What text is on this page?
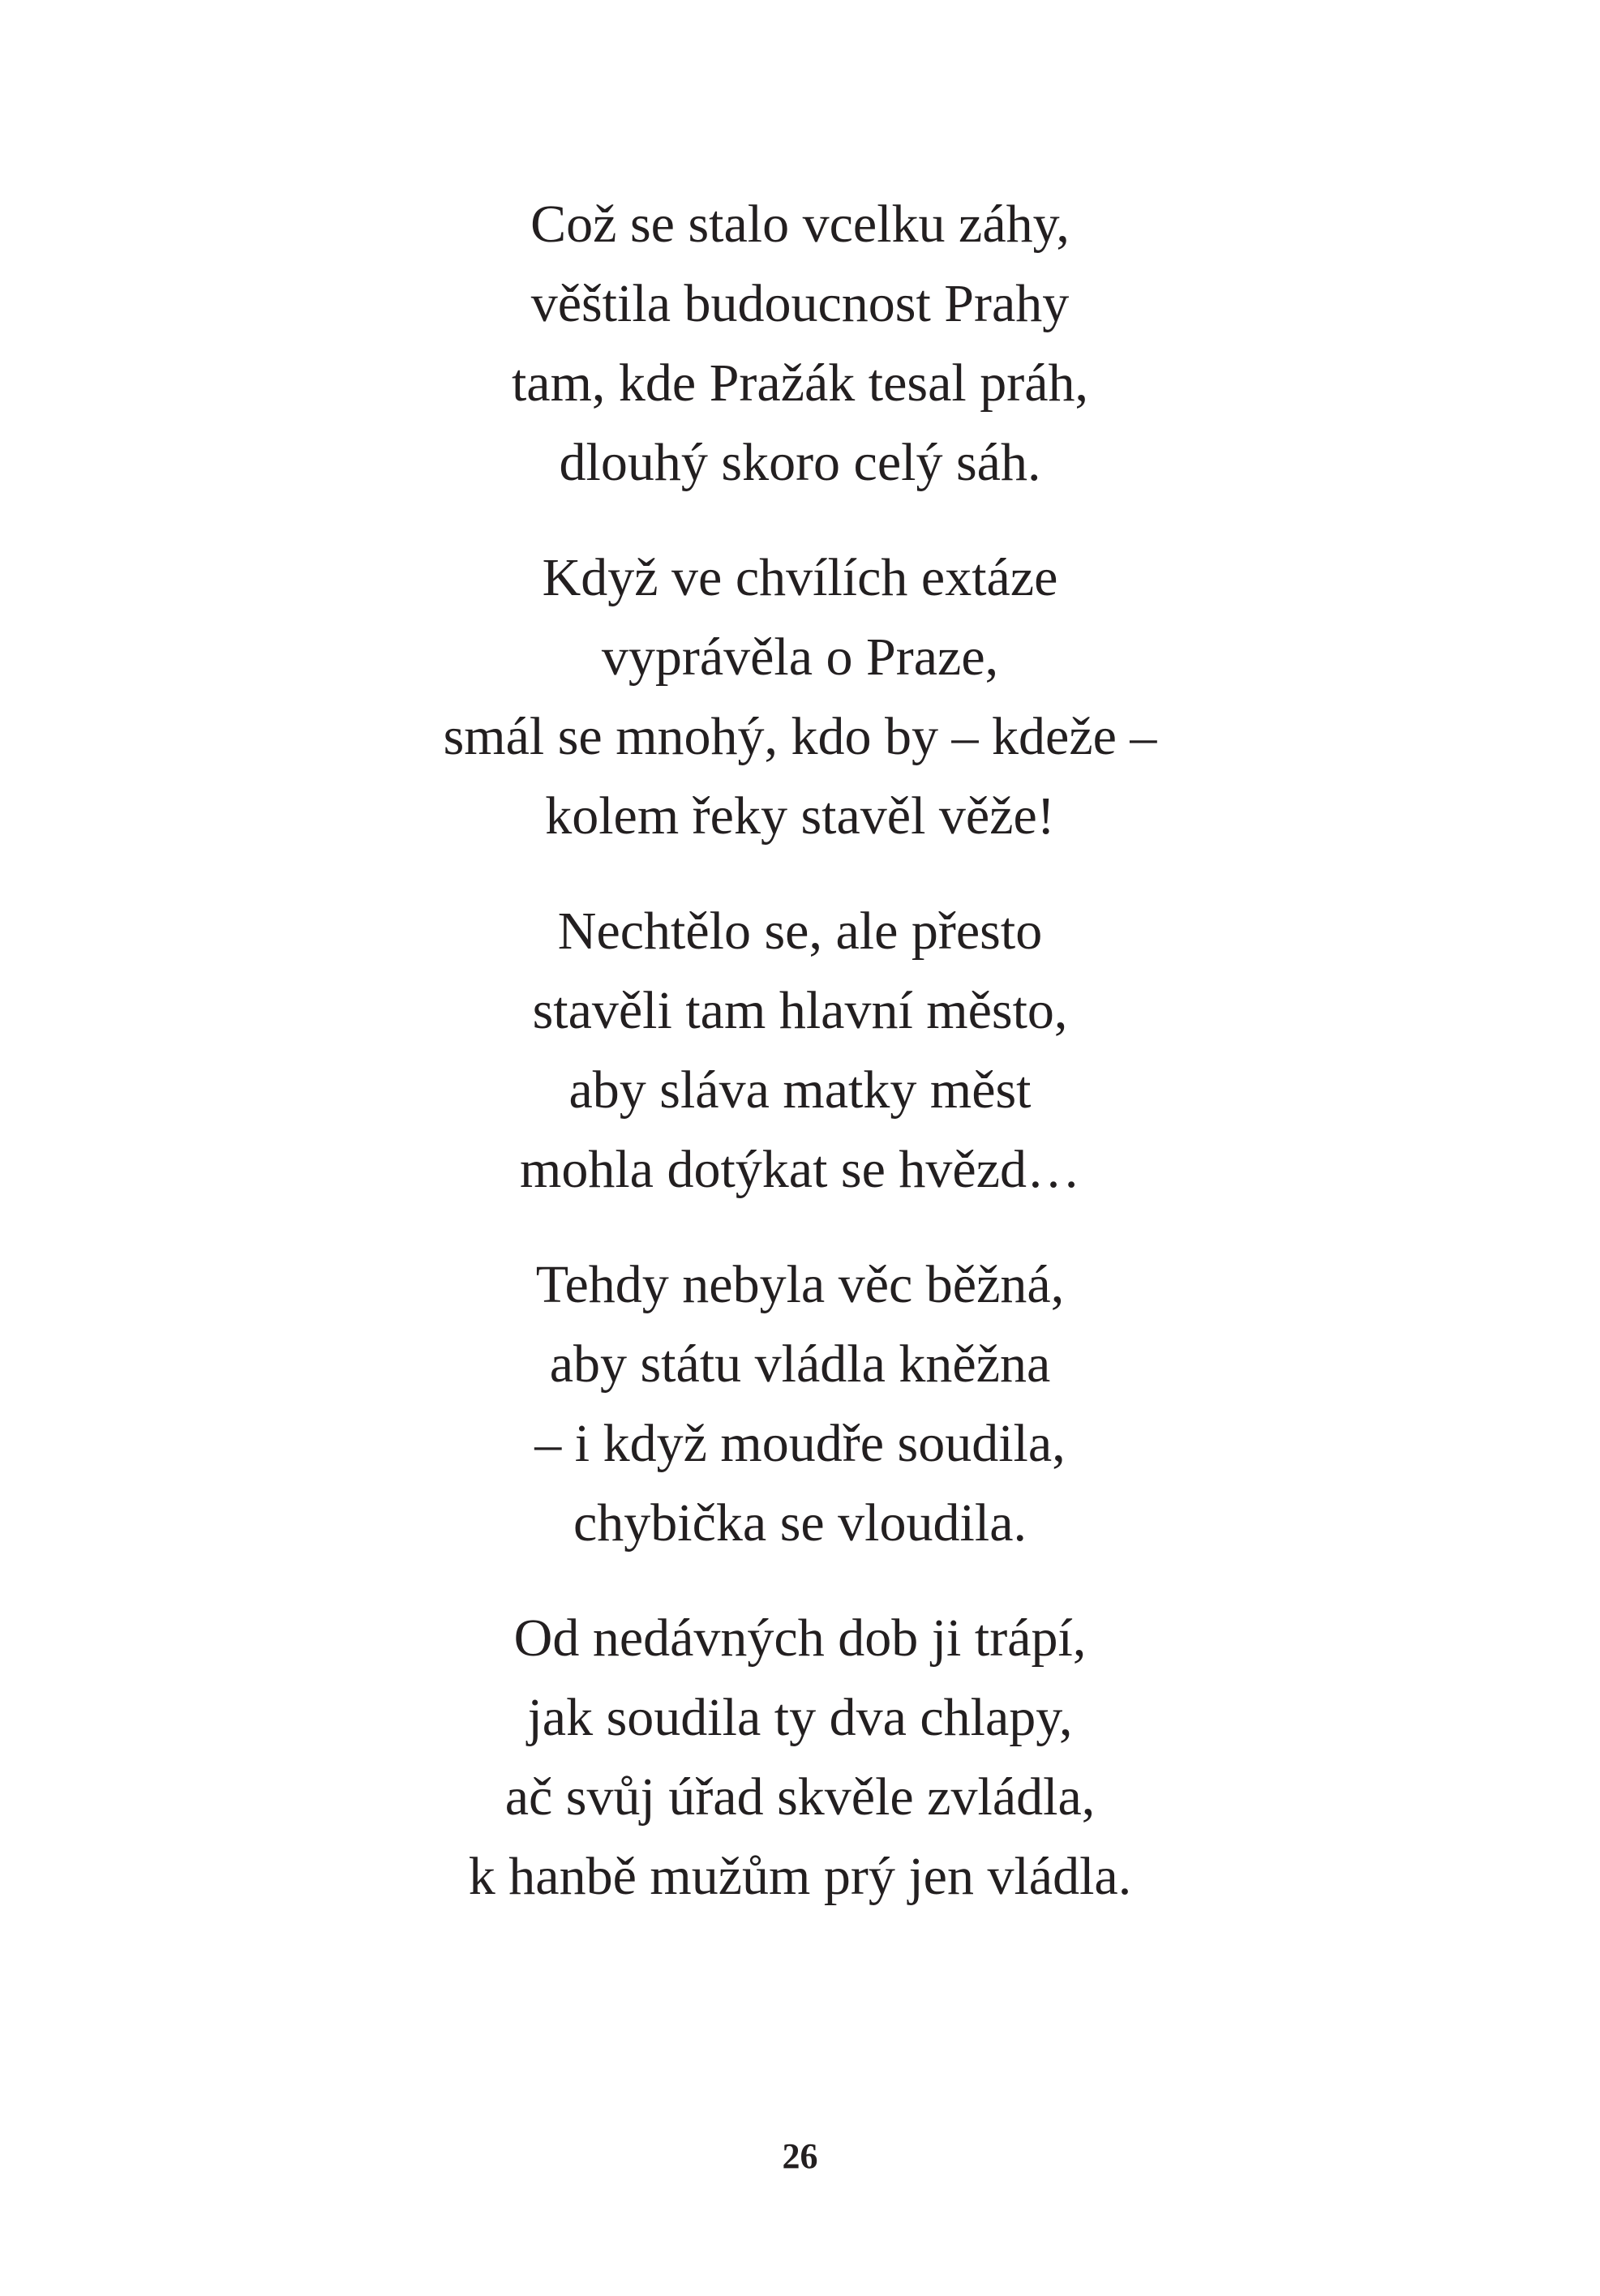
Což se stalo vcelku záhy,
věštila budoucnost Prahy
tam, kde Pražák tesal práh,
dlouhý skoro celý sáh.
Když ve chvílích extáze
vyprávěla o Praze,
smál se mnohý, kdo by – kdeže –
kolem řeky stavěl věže!
Nechtělo se, ale přesto
stavěli tam hlavní město,
aby sláva matky měst
mohla dotýkat se hvězd…
Tehdy nebyla věc běžná,
aby státu vládla kněžna
– i když moudře soudila,
chybička se vloudila.
Od nedávných dob ji trápí,
jak soudila ty dva chlapy,
ač svůj úřad skvěle zvládla,
k hanbě mužům prý jen vládla.
26
